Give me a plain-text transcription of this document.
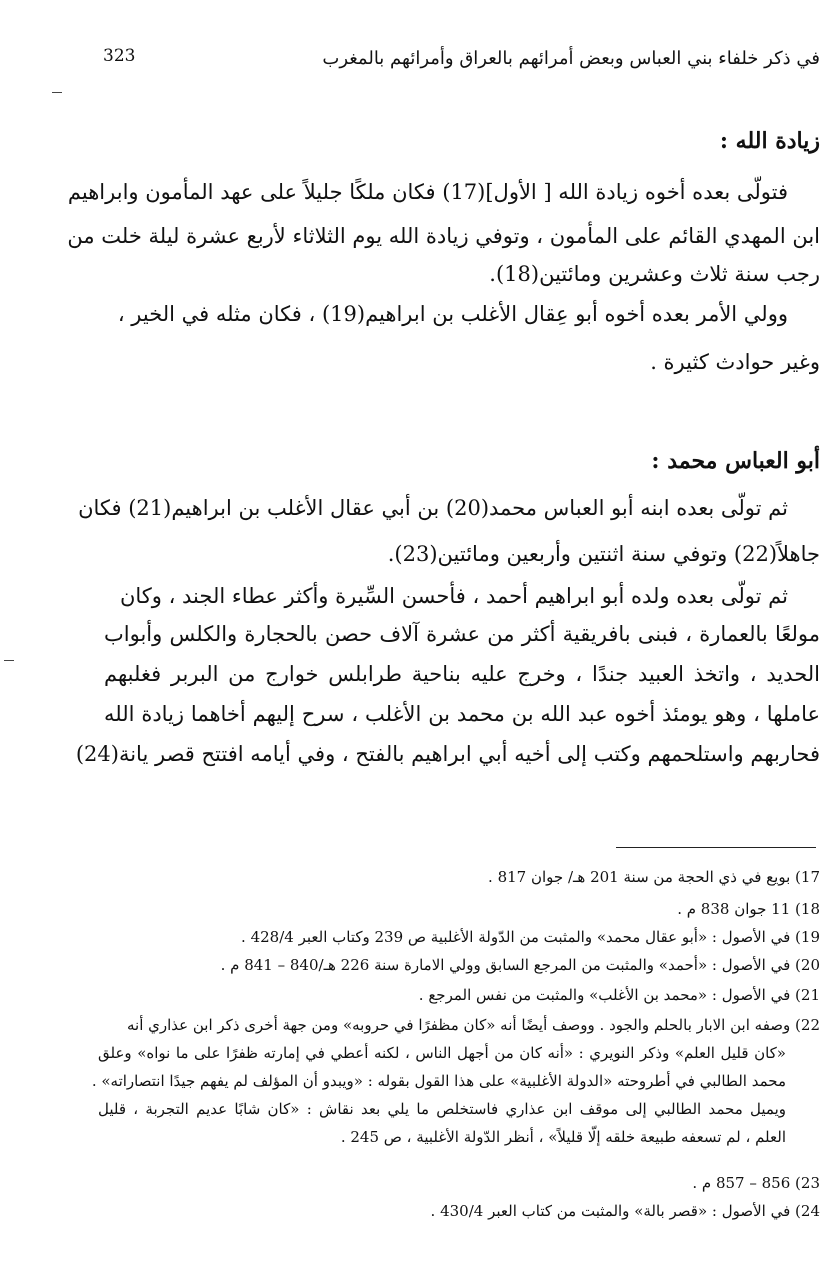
323	في ذكر خلفاء بني العباس وبعض أمرائهم بالعراق وأمرائهم بالمغرب
زيادة الله :
فتولّى بعده أخوه زيادة الله [ الأول](17) فكان ملكًا جليلاً على عهد المأمون وابراهيم
ابن المهدي القائم على المأمون ، وتوفي زيادة الله يوم الثلاثاء لأربع عشرة ليلة خلت من
رجب سنة ثلاث وعشرين ومائتين(18).
وولي الأمر بعده أخوه أبو عِقال الأغلب بن ابراهيم(19) ، فكان مثله في الخير ،
وغير حوادث كثيرة .
أبو العباس محمد :
ثم تولّى بعده ابنه أبو العباس محمد(20) بن أبي عقال الأغلب بن ابراهيم(21) فكان
جاهلاً(22) وتوفي سنة اثنتين وأربعين ومائتين(23).
ثم تولّى بعده ولده أبو ابراهيم أحمد ، فأحسن السِّيرة وأكثر عطاء الجند ، وكان
مولعًا بالعمارة ، فبنى بافريقية أكثر من عشرة آلاف حصن بالحجارة والكلس وأبواب
الحديد ، واتخذ العبيد جندًا ، وخرج عليه بناحية طرابلس خوارج من البربر فغلبهم
عاملها ، وهو يومئذ أخوه عبد الله بن محمد بن الأغلب ، سرح إليهم أخاهما زيادة الله
فحاربهم واستلحمهم وكتب إلى أخيه أبي ابراهيم بالفتح ، وفي أيامه افتتح قصر يانة(24)
17) بويع في ذي الحجة من سنة 201 هـ/ جوان 817 .
18) 11 جوان 838 م .
19) في الأصول : «أبو عقال محمد» والمثبت من الدّولة الأغلبية ص 239 وكتاب العبر 428/4 .
20) في الأصول : «أحمد» والمثبت من المرجع السابق وولي الامارة سنة 226 هـ/840 – 841 م .
21) في الأصول : «محمد بن الأغلب» والمثبت من نفس المرجع .
22) وصفه ابن الابار بالحلم والجود . ووصف أيضًا أنه «كان مظفرًا في حروبه» ومن جهة أخرى ذكر ابن عذاري أنه
«كان قليل العلم» وذكر النويري : «أنه كان من أجهل الناس ، لكنه أعطي في إمارته ظفرًا على ما نواه» وعلق
محمد الطالبي في أطروحته «الدولة الأغلبية» على هذا القول بقوله : «ويبدو أن المؤلف لم يفهم جيدًا انتصاراته» .
ويميل محمد الطالبي إلى موقف ابن عذاري فاستخلص ما يلي بعد نقاش : «كان شابًا عديم التجربة ، قليل
العلم ، لم تسعفه طبيعة خلقه إلّا قليلاً» ، أنظر الدّولة الأغلبية ، ص 245 .
23) 856 – 857 م .
24) في الأصول : «قصر بالة» والمثبت من كتاب العبر 430/4 .
